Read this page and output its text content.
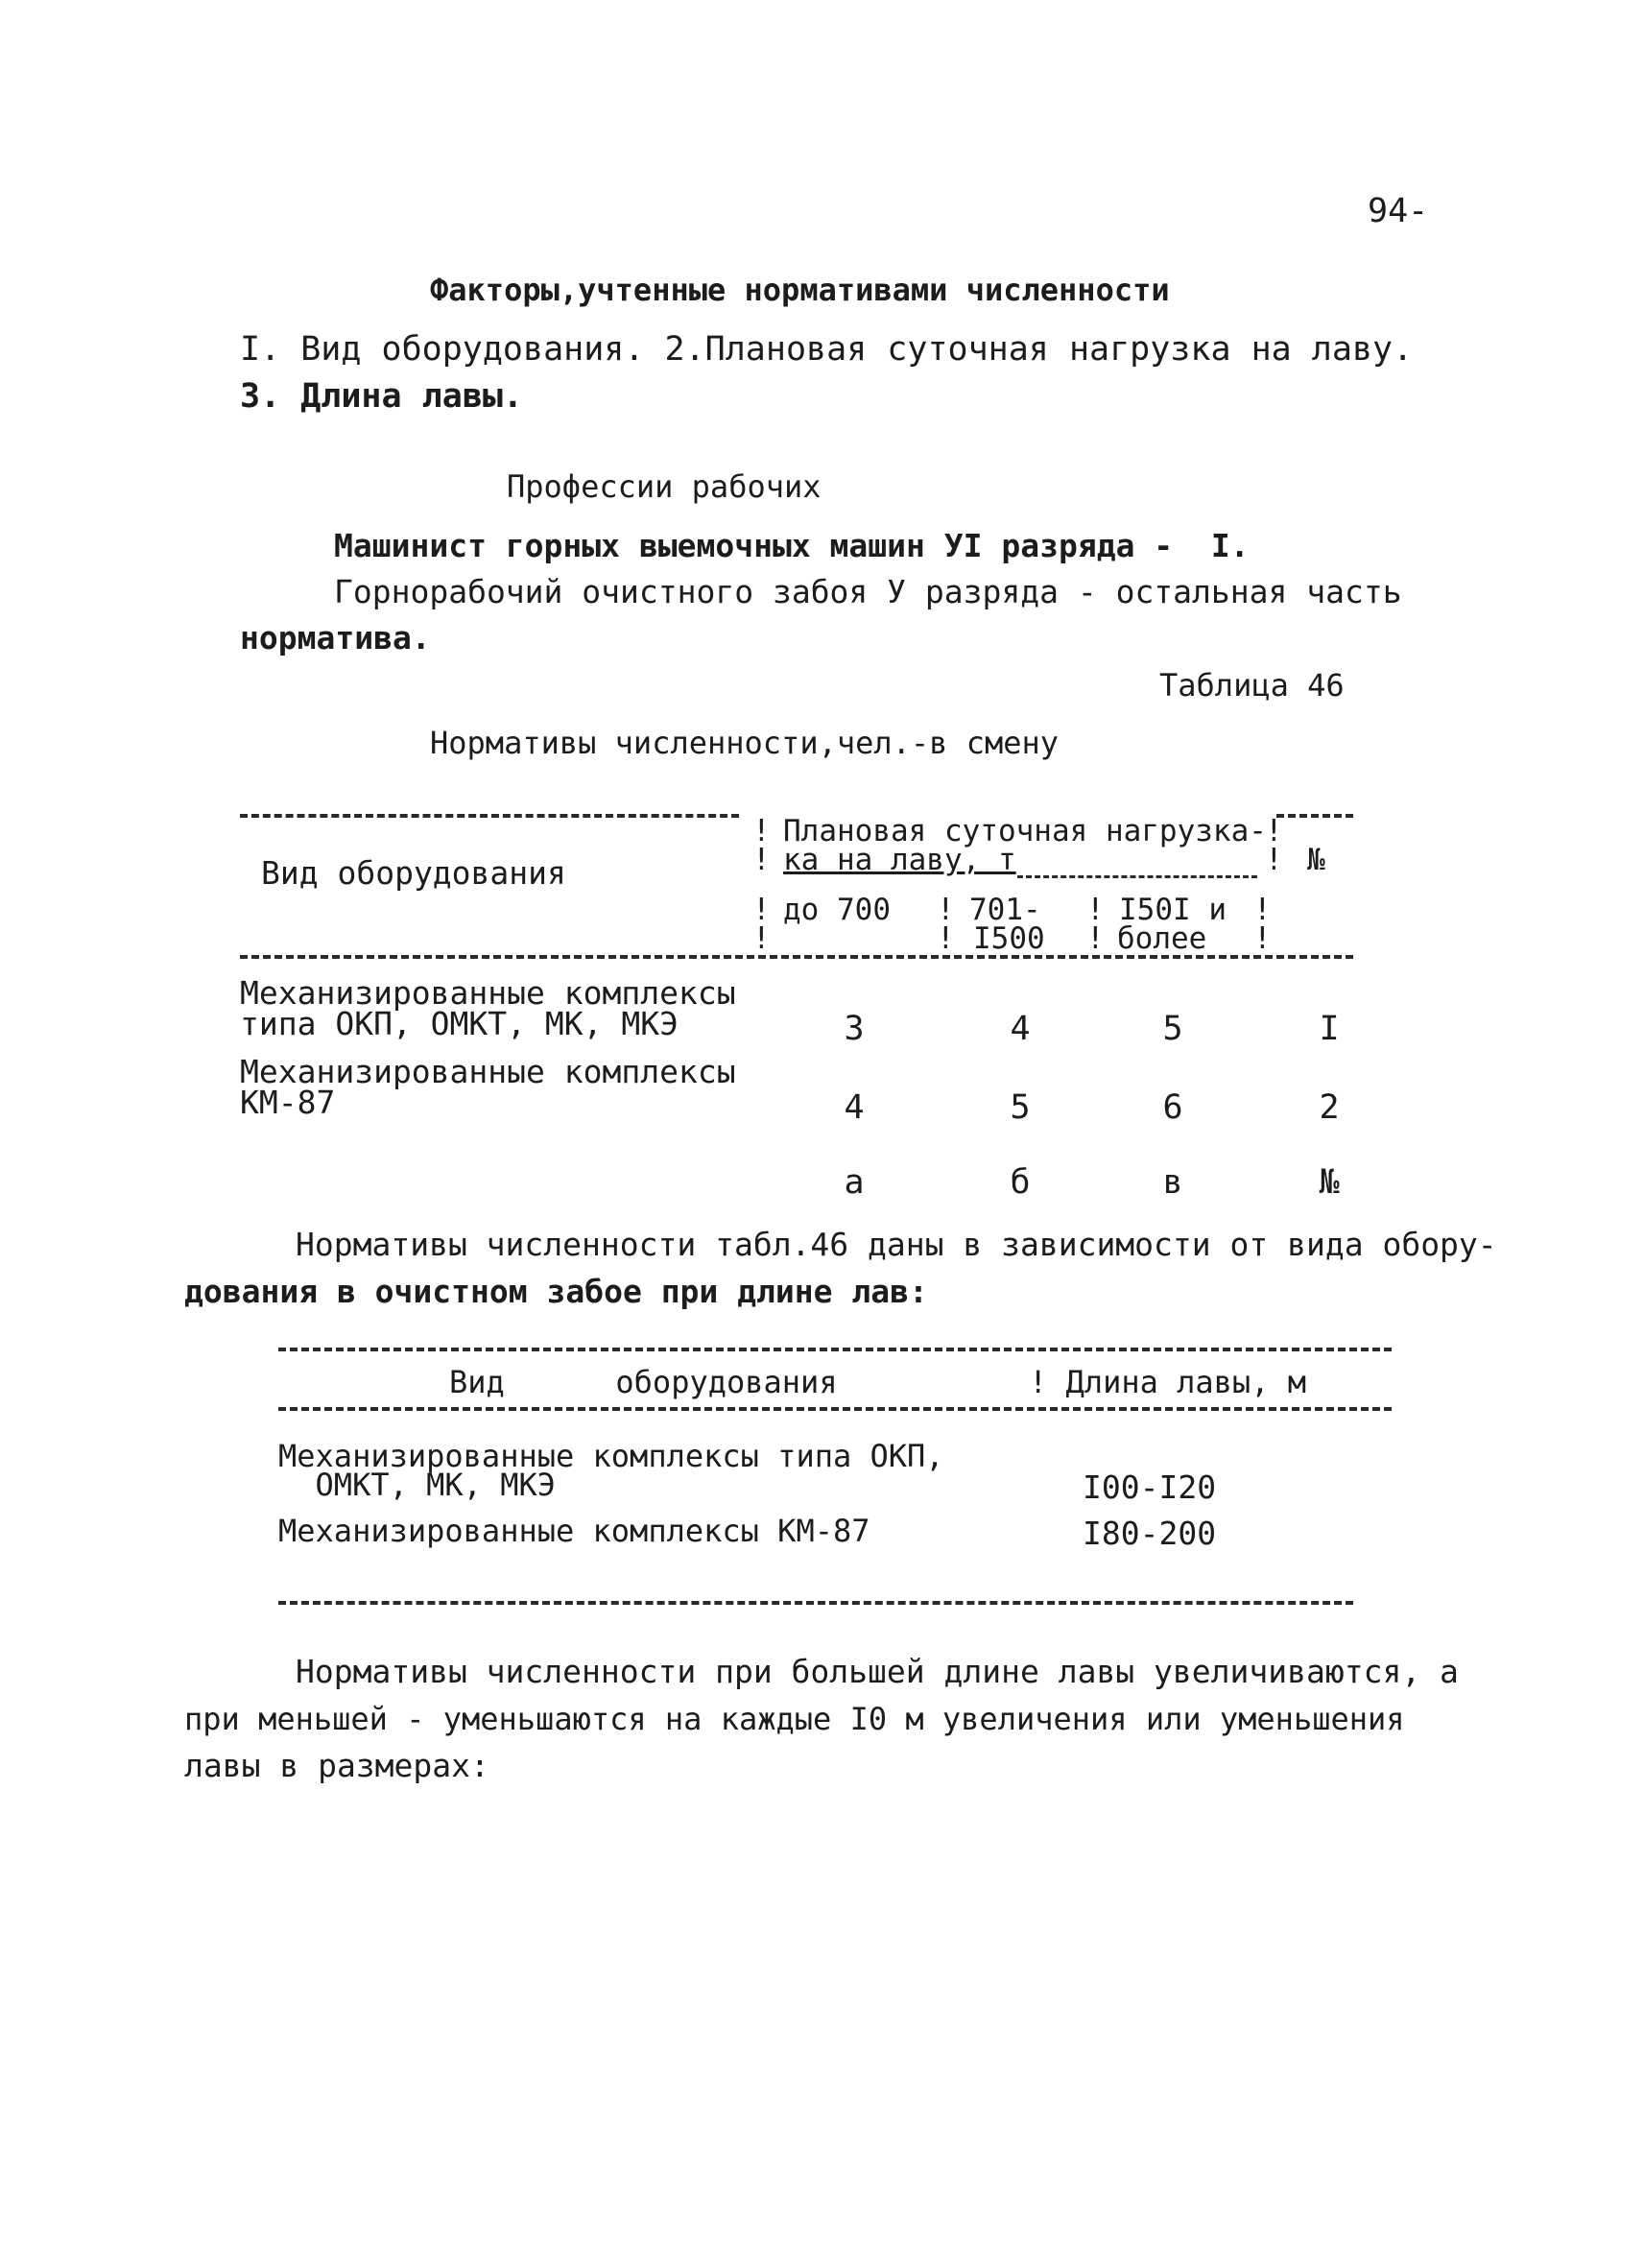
94-
Факторы,учтенные нормативами численности
I. Вид оборудования. 2.Плановая суточная нагрузка на лаву.
3. Длина лавы.
Профессии рабочих
Машинист горных выемочных машин УI разряда -  I.
Горнорабочий очистного забоя У разряда - остальная часть
норматива.
Таблица 46
Нормативы численности,чел.-в смену
Вид оборудования
! Плановая суточная нагрузка-
!
! ка на лаву, т	! №
! до 700 ! 701- ! I50I и !
!	! I500 ! более !
Механизированные комплексы
типа ОКП, ОМКТ, МК, МКЭ	3	4	5	I
Механизированные комплексы
КМ-87	4	5	6	2
а	б	в	№
Нормативы численности табл.46 даны в зависимости от вида обору-
дования в очистном забое при длине лав:
Вид      оборудования	! Длина лавы, м
Механизированные комплексы типа ОКП,
ОМКТ, МК, МКЭ	I00-I20
Механизированные комплексы КМ-87	I80-200
Нормативы численности при большей длине лавы увеличиваются, а
при меньшей - уменьшаются на каждые I0 м увеличения или уменьшения
лавы в размерах:
